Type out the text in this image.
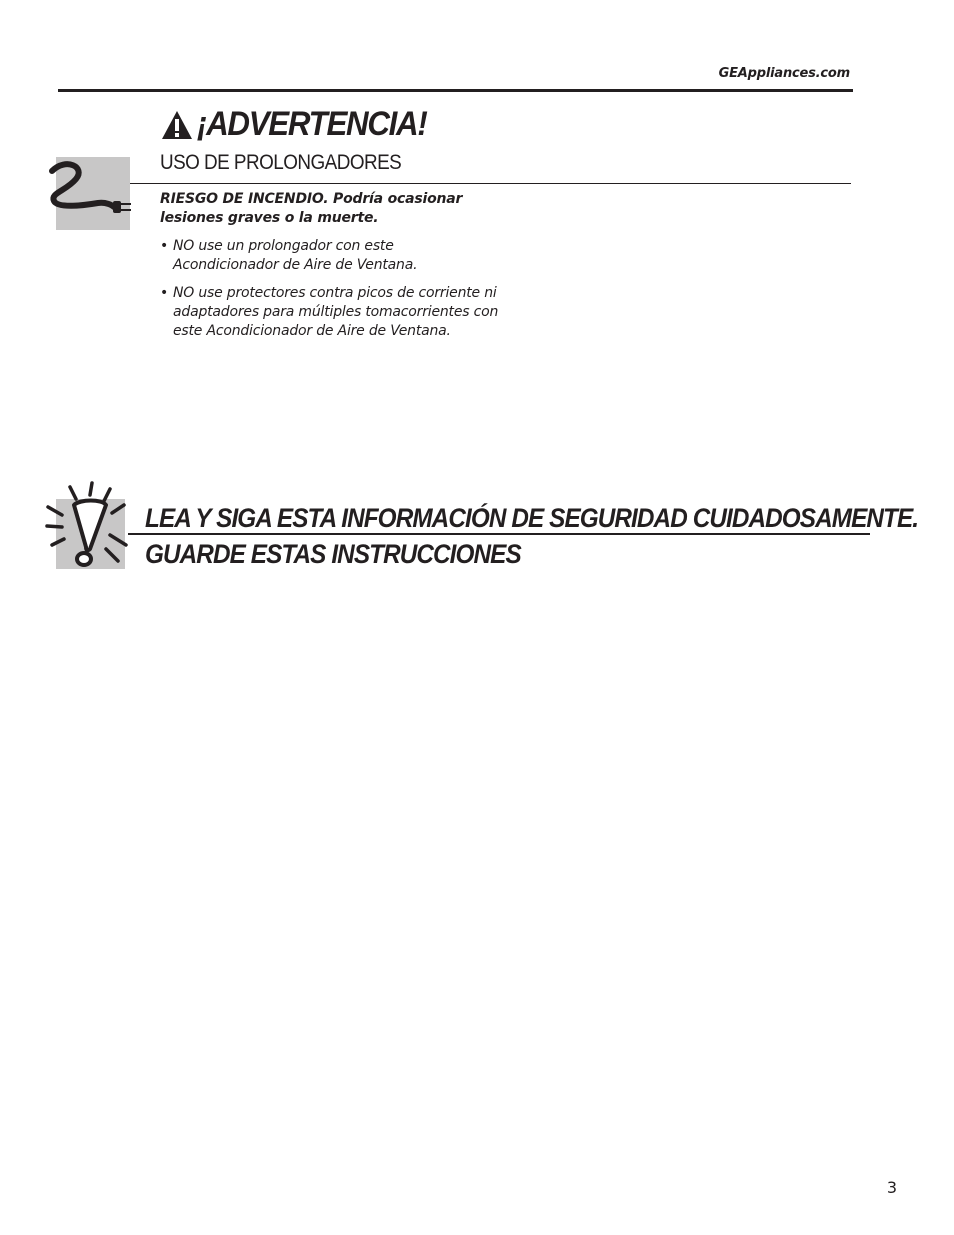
GEAppliances.com
¡ADVERTENCIA!
USO DE PROLONGADORES
RIESGO DE INCENDIO. Podría ocasionar
lesiones graves o la muerte.
• NO use un prolongador con este
Acondicionador de Aire de Ventana.
• NO use protectores contra picos de corriente ni
adaptadores para múltiples tomacorrientes con
este Acondicionador de Aire de Ventana.
LEA Y SIGA ESTA INFORMACIÓN DE SEGURIDAD CUIDADOSAMENTE.
GUARDE ESTAS INSTRUCCIONES
3
